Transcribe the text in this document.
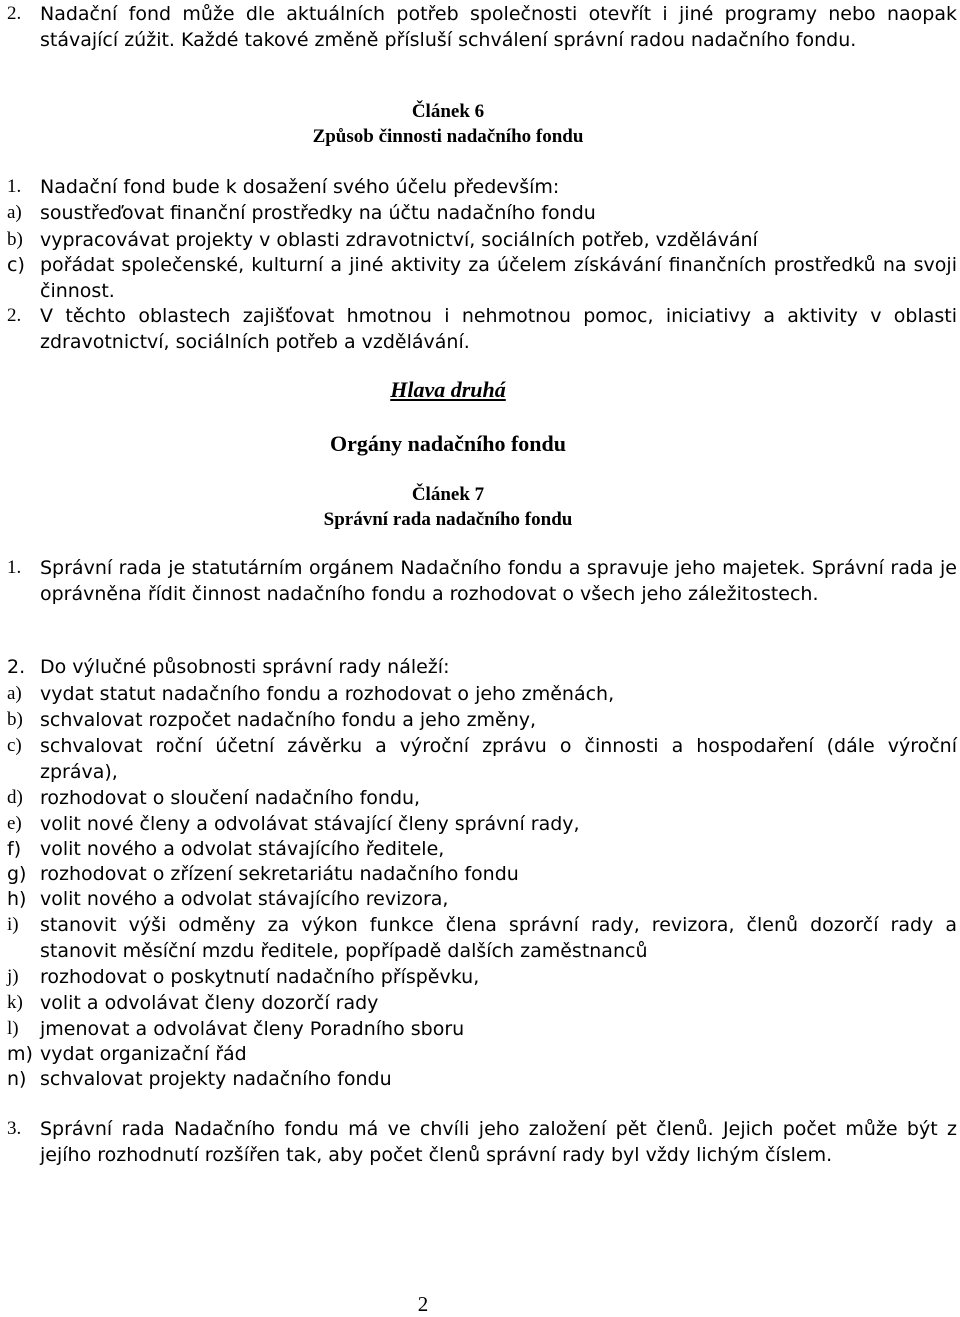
2. Nadační fond může dle aktuálních potřeb společnosti otevřít i jiné programy nebo naopak stávající zúžit. Každé takové změně přísluší schválení správní radou nadačního fondu.
Článek 6
Způsob činnosti nadačního fondu
1. Nadační fond bude k dosažení svého účelu především:
a) soustřeďovat finanční prostředky na účtu nadačního fondu
b) vypracovávat projekty v oblasti zdravotnictví, sociálních potřeb, vzdělávání
c) pořádat společenské, kulturní a jiné aktivity za účelem získávání finančních prostředků na svoji činnost.
2. V těchto oblastech zajišťovat hmotnou i nehmotnou pomoc, iniciativy a aktivity v oblasti zdravotnictví, sociálních potřeb a vzdělávání.
Hlava druhá
Orgány nadačního fondu
Článek 7
Správní rada nadačního fondu
1. Správní rada je statutárním orgánem Nadačního fondu a spravuje jeho majetek. Správní rada je oprávněna řídit činnost nadačního fondu a rozhodovat o všech jeho záležitostech.
2. Do výlučné působnosti správní rady náleží:
a) vydat statut nadačního fondu a rozhodovat o jeho změnách,
b) schvalovat rozpočet nadačního fondu a jeho změny,
c) schvalovat roční účetní závěrku a výroční zprávu o činnosti a hospodaření (dále výroční zpráva),
d) rozhodovat o sloučení nadačního fondu,
e) volit nové členy a odvolávat stávající členy správní rady,
f) volit nového a odvolat stávajícího ředitele,
g) rozhodovat o zřízení sekretariátu nadačního fondu
h) volit nového a odvolat stávajícího revizora,
i) stanovit výši odměny za výkon funkce člena správní rady, revizora, členů dozorčí rady a stanovit měsíční mzdu ředitele, popřípadě dalších zaměstnanců
j) rozhodovat o poskytnutí nadačního příspěvku,
k) volit a odvolávat členy dozorčí rady
l) jmenovat a odvolávat členy Poradního sboru
m) vydat organizační řád
n) schvalovat projekty nadačního fondu
3. Správní rada Nadačního fondu má ve chvíli jeho založení pět členů. Jejich počet může být z jejího rozhodnutí rozšířen tak, aby počet členů správní rady byl vždy lichým číslem.
2
